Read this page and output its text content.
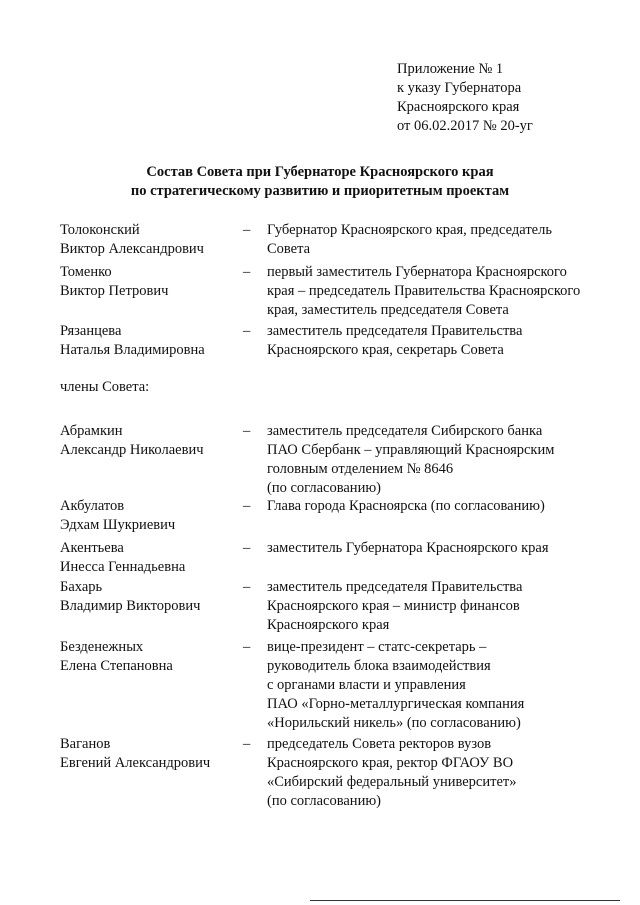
Приложение № 1
к указу Губернатора
Красноярского края
от 06.02.2017 № 20-уг
Состав Совета при Губернаторе Красноярского края
по стратегическому развитию и приоритетным проектам
Толоконский
Виктор Александрович
– Губернатор Красноярского края, председатель
Совета
Томенко
Виктор Петрович
– первый заместитель Губернатора Красноярского
края – председатель Правительства Красноярского
края, заместитель председателя Совета
Рязанцева
Наталья Владимировна
– заместитель председателя Правительства
Красноярского края, секретарь Совета
члены Совета:
Абрамкин
Александр Николаевич
– заместитель председателя Сибирского банка
ПАО Сбербанк – управляющий Красноярским
головным отделением № 8646
(по согласованию)
Акбулатов
Эдхам Шукриевич
– Глава города Красноярска (по согласованию)
Акентьева
Инесса Геннадьевна
– заместитель Губернатора Красноярского края
Бахарь
Владимир Викторович
– заместитель председателя Правительства
Красноярского края – министр финансов
Красноярского края
Безденежных
Елена Степановна
– вице-президент – статс-секретарь –
руководитель блока взаимодействия
с органами власти и управления
ПАО «Горно-металлургическая компания
«Норильский никель» (по согласованию)
Ваганов
Евгений Александрович
– председатель Совета ректоров вузов
Красноярского края, ректор ФГАОУ ВО
«Сибирский федеральный университет»
(по согласованию)
